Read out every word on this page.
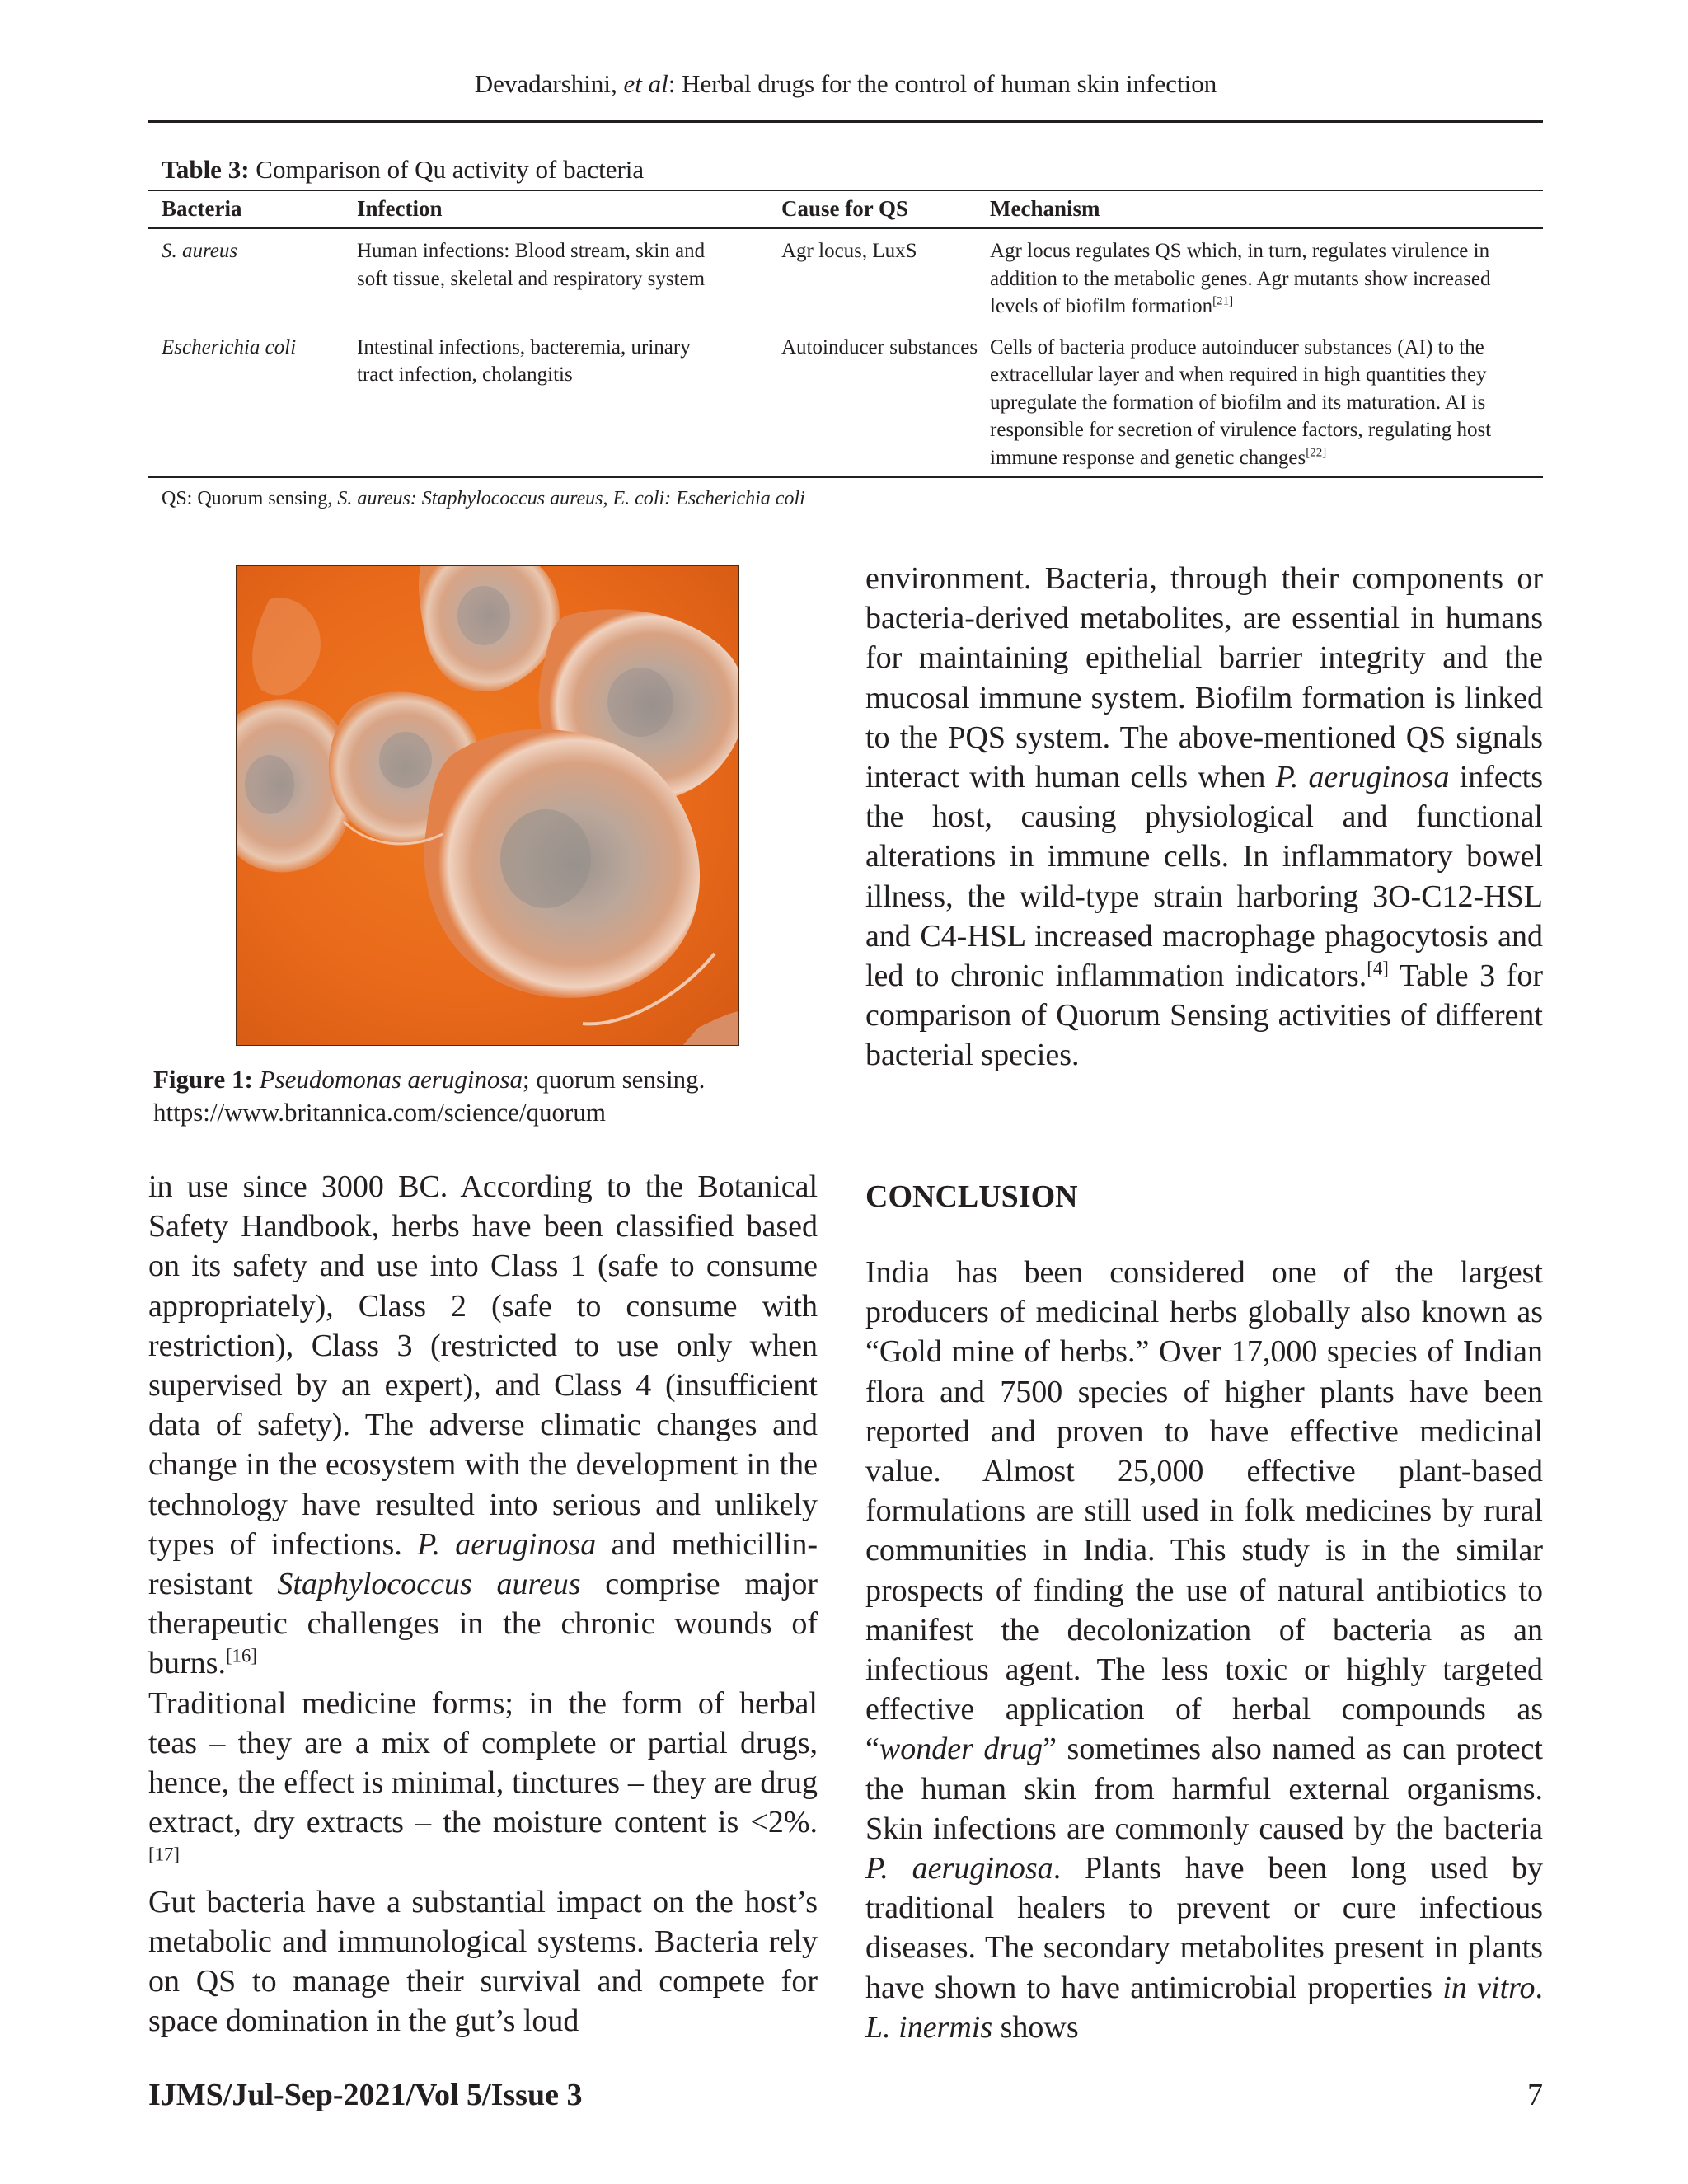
Devadarshini, et al: Herbal drugs for the control of human skin infection
Table 3: Comparison of Qu activity of bacteria
Bacteria	Infection	Cause for QS	Mechanism
S. aureus	Human infections: Blood stream, skin and soft tissue, skeletal and respiratory system	Agr locus, LuxS	Agr locus regulates QS which, in turn, regulates virulence in addition to the metabolic genes. Agr mutants show increased levels of biofilm formation[21]

Escherichia coli	Intestinal infections, bacteremia, urinary tract infection, cholangitis	Autoinducer substances	Cells of bacteria produce autoinducer substances (AI) to the extracellular layer and when required in high quantities they upregulate the formation of biofilm and its maturation. AI is responsible for secretion of virulence factors, regulating host immune response and genetic changes[22]
QS: Quorum sensing, S. aureus: Staphylococcus aureus, E. coli: Escherichia coli
Figure 1: Pseudomonas aeruginosa; quorum sensing.
https://www.britannica.com/science/quorum

in use since 3000 BC. According to the Botanical Safety Handbook, herbs have been classified based on its safety and use into Class 1 (safe to consume appropriately), Class 2 (safe to consume with restriction), Class 3 (restricted to use only when supervised by an expert), and Class 4 (insufficient data of safety). The adverse climatic changes and change in the ecosystem with the development in the technology have resulted into serious and unlikely types of infections. P. aeruginosa and methicillin-resistant Staphylococcus aureus comprise major therapeutic challenges in the chronic wounds of burns.[16]

Traditional medicine forms; in the form of herbal teas – they are a mix of complete or partial drugs, hence, the effect is minimal, tinctures – they are drug extract, dry extracts – the moisture content is <2%.[17]

Gut bacteria have a substantial impact on the host’s metabolic and immunological systems. Bacteria rely on QS to manage their survival and compete for space domination in the gut’s loud

environment. Bacteria, through their components or bacteria-derived metabolites, are essential in humans for maintaining epithelial barrier integrity and the mucosal immune system. Biofilm formation is linked to the PQS system. The above-mentioned QS signals interact with human cells when P. aeruginosa infects the host, causing physiological and functional alterations in immune cells. In inflammatory bowel illness, the wild-type strain harboring 3O-C12-HSL and C4-HSL increased macrophage phagocytosis and led to chronic inflammation indicators.[4] Table 3 for comparison of Quorum Sensing activities of different bacterial species.

CONCLUSION

India has been considered one of the largest producers of medicinal herbs globally also known as “Gold mine of herbs.” Over 17,000 species of Indian flora and 7500 species of higher plants have been reported and proven to have effective medicinal value. Almost 25,000 effective plant-based formulations are still used in folk medicines by rural communities in India. This study is in the similar prospects of finding the use of natural antibiotics to manifest the decolonization of bacteria as an infectious agent. The less toxic or highly targeted effective application of herbal compounds as “wonder drug” sometimes also named as can protect the human skin from harmful external organisms. Skin infections are commonly caused by the bacteria P. aeruginosa. Plants have been long used by traditional healers to prevent or cure infectious diseases. The secondary metabolites present in plants have shown to have antimicrobial properties in vitro. L. inermis shows

IJMS/Jul-Sep-2021/Vol 5/Issue 3	7
